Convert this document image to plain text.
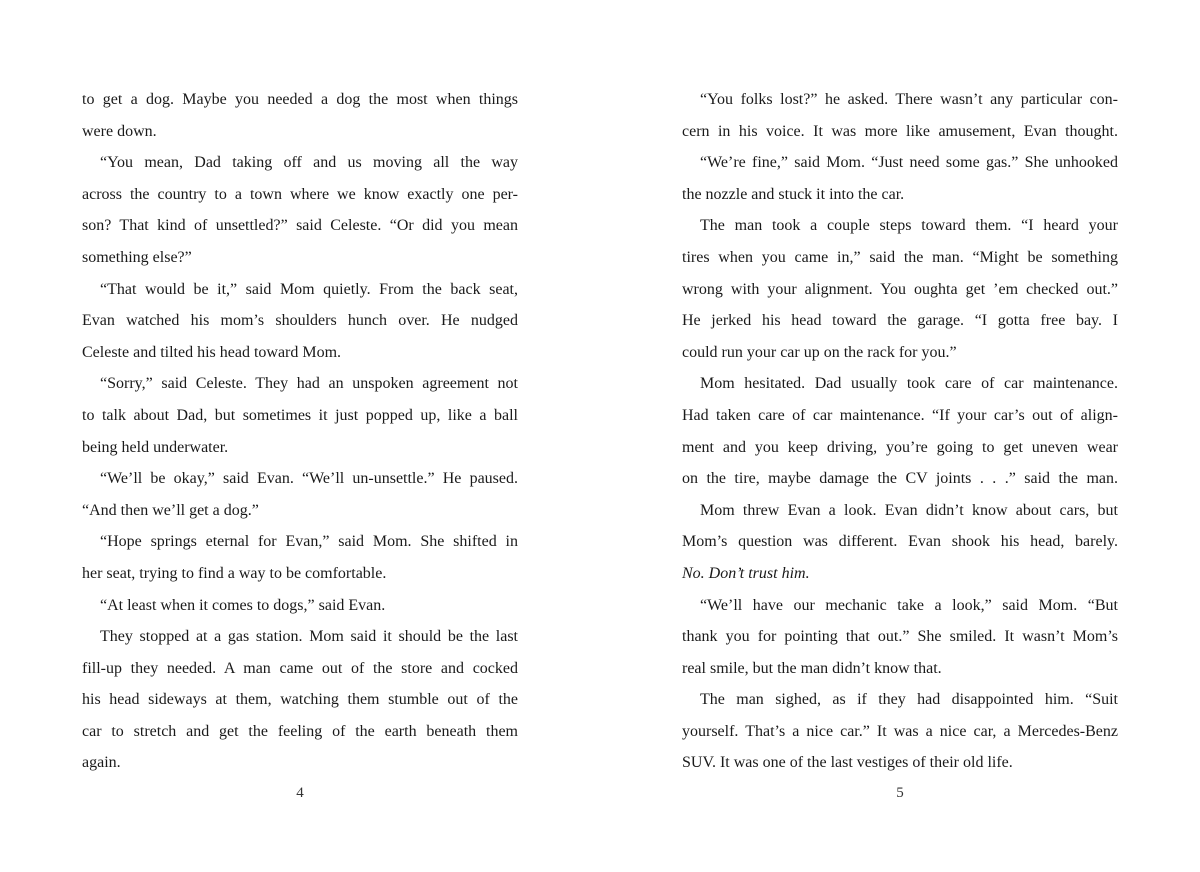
to get a dog. Maybe you needed a dog the most when things
were down.
“You mean, Dad taking off and us moving all the way
across the country to a town where we know exactly one per-
son? That kind of unsettled?” said Celeste. “Or did you mean
something else?”
“That would be it,” said Mom quietly. From the back seat,
Evan watched his mom’s shoulders hunch over. He nudged
Celeste and tilted his head toward Mom.
“Sorry,” said Celeste. They had an unspoken agreement not
to talk about Dad, but sometimes it just popped up, like a ball
being held underwater.
“We’ll be okay,” said Evan. “We’ll un-unsettle.” He paused.
“And then we’ll get a dog.”
“Hope springs eternal for Evan,” said Mom. She shifted in
her seat, trying to find a way to be comfortable.
“At least when it comes to dogs,” said Evan.
They stopped at a gas station. Mom said it should be the last
fill-up they needed. A man came out of the store and cocked
his head sideways at them, watching them stumble out of the
car to stretch and get the feeling of the earth beneath them
again.
4
“You folks lost?” he asked. There wasn’t any particular con-
cern in his voice. It was more like amusement, Evan thought.
“We’re fine,” said Mom. “Just need some gas.” She unhooked
the nozzle and stuck it into the car.
The man took a couple steps toward them. “I heard your
tires when you came in,” said the man. “Might be something
wrong with your alignment. You oughta get ’em checked out.”
He jerked his head toward the garage. “I gotta free bay. I
could run your car up on the rack for you.”
Mom hesitated. Dad usually took care of car maintenance.
Had taken care of car maintenance. “If your car’s out of align-
ment and you keep driving, you’re going to get uneven wear
on the tire, maybe damage the CV joints . . .” said the man.
Mom threw Evan a look. Evan didn’t know about cars, but
Mom’s question was different. Evan shook his head, barely.
No. Don’t trust him.
“We’ll have our mechanic take a look,” said Mom. “But
thank you for pointing that out.” She smiled. It wasn’t Mom’s
real smile, but the man didn’t know that.
The man sighed, as if they had disappointed him. “Suit
yourself. That’s a nice car.” It was a nice car, a Mercedes-Benz
SUV. It was one of the last vestiges of their old life.
5
